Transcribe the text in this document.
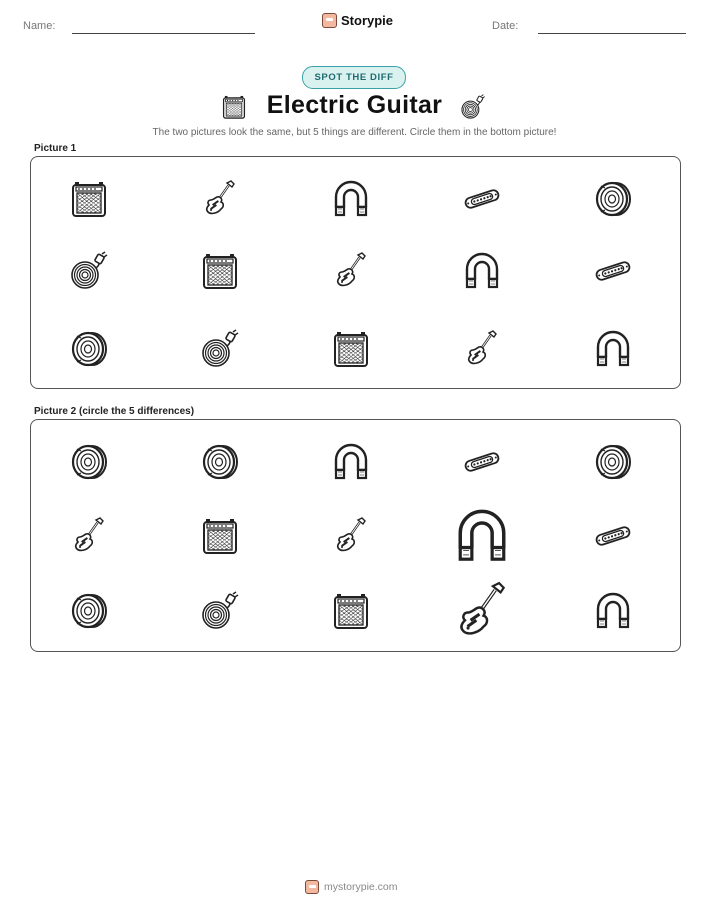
Name:	Storypie	Date:
SPOT THE DIFF
Electric Guitar
The two pictures look the same, but 5 things are different. Circle them in the bottom picture!
Picture 1
Picture 2 (circle the 5 differences)
mystorypie.com
